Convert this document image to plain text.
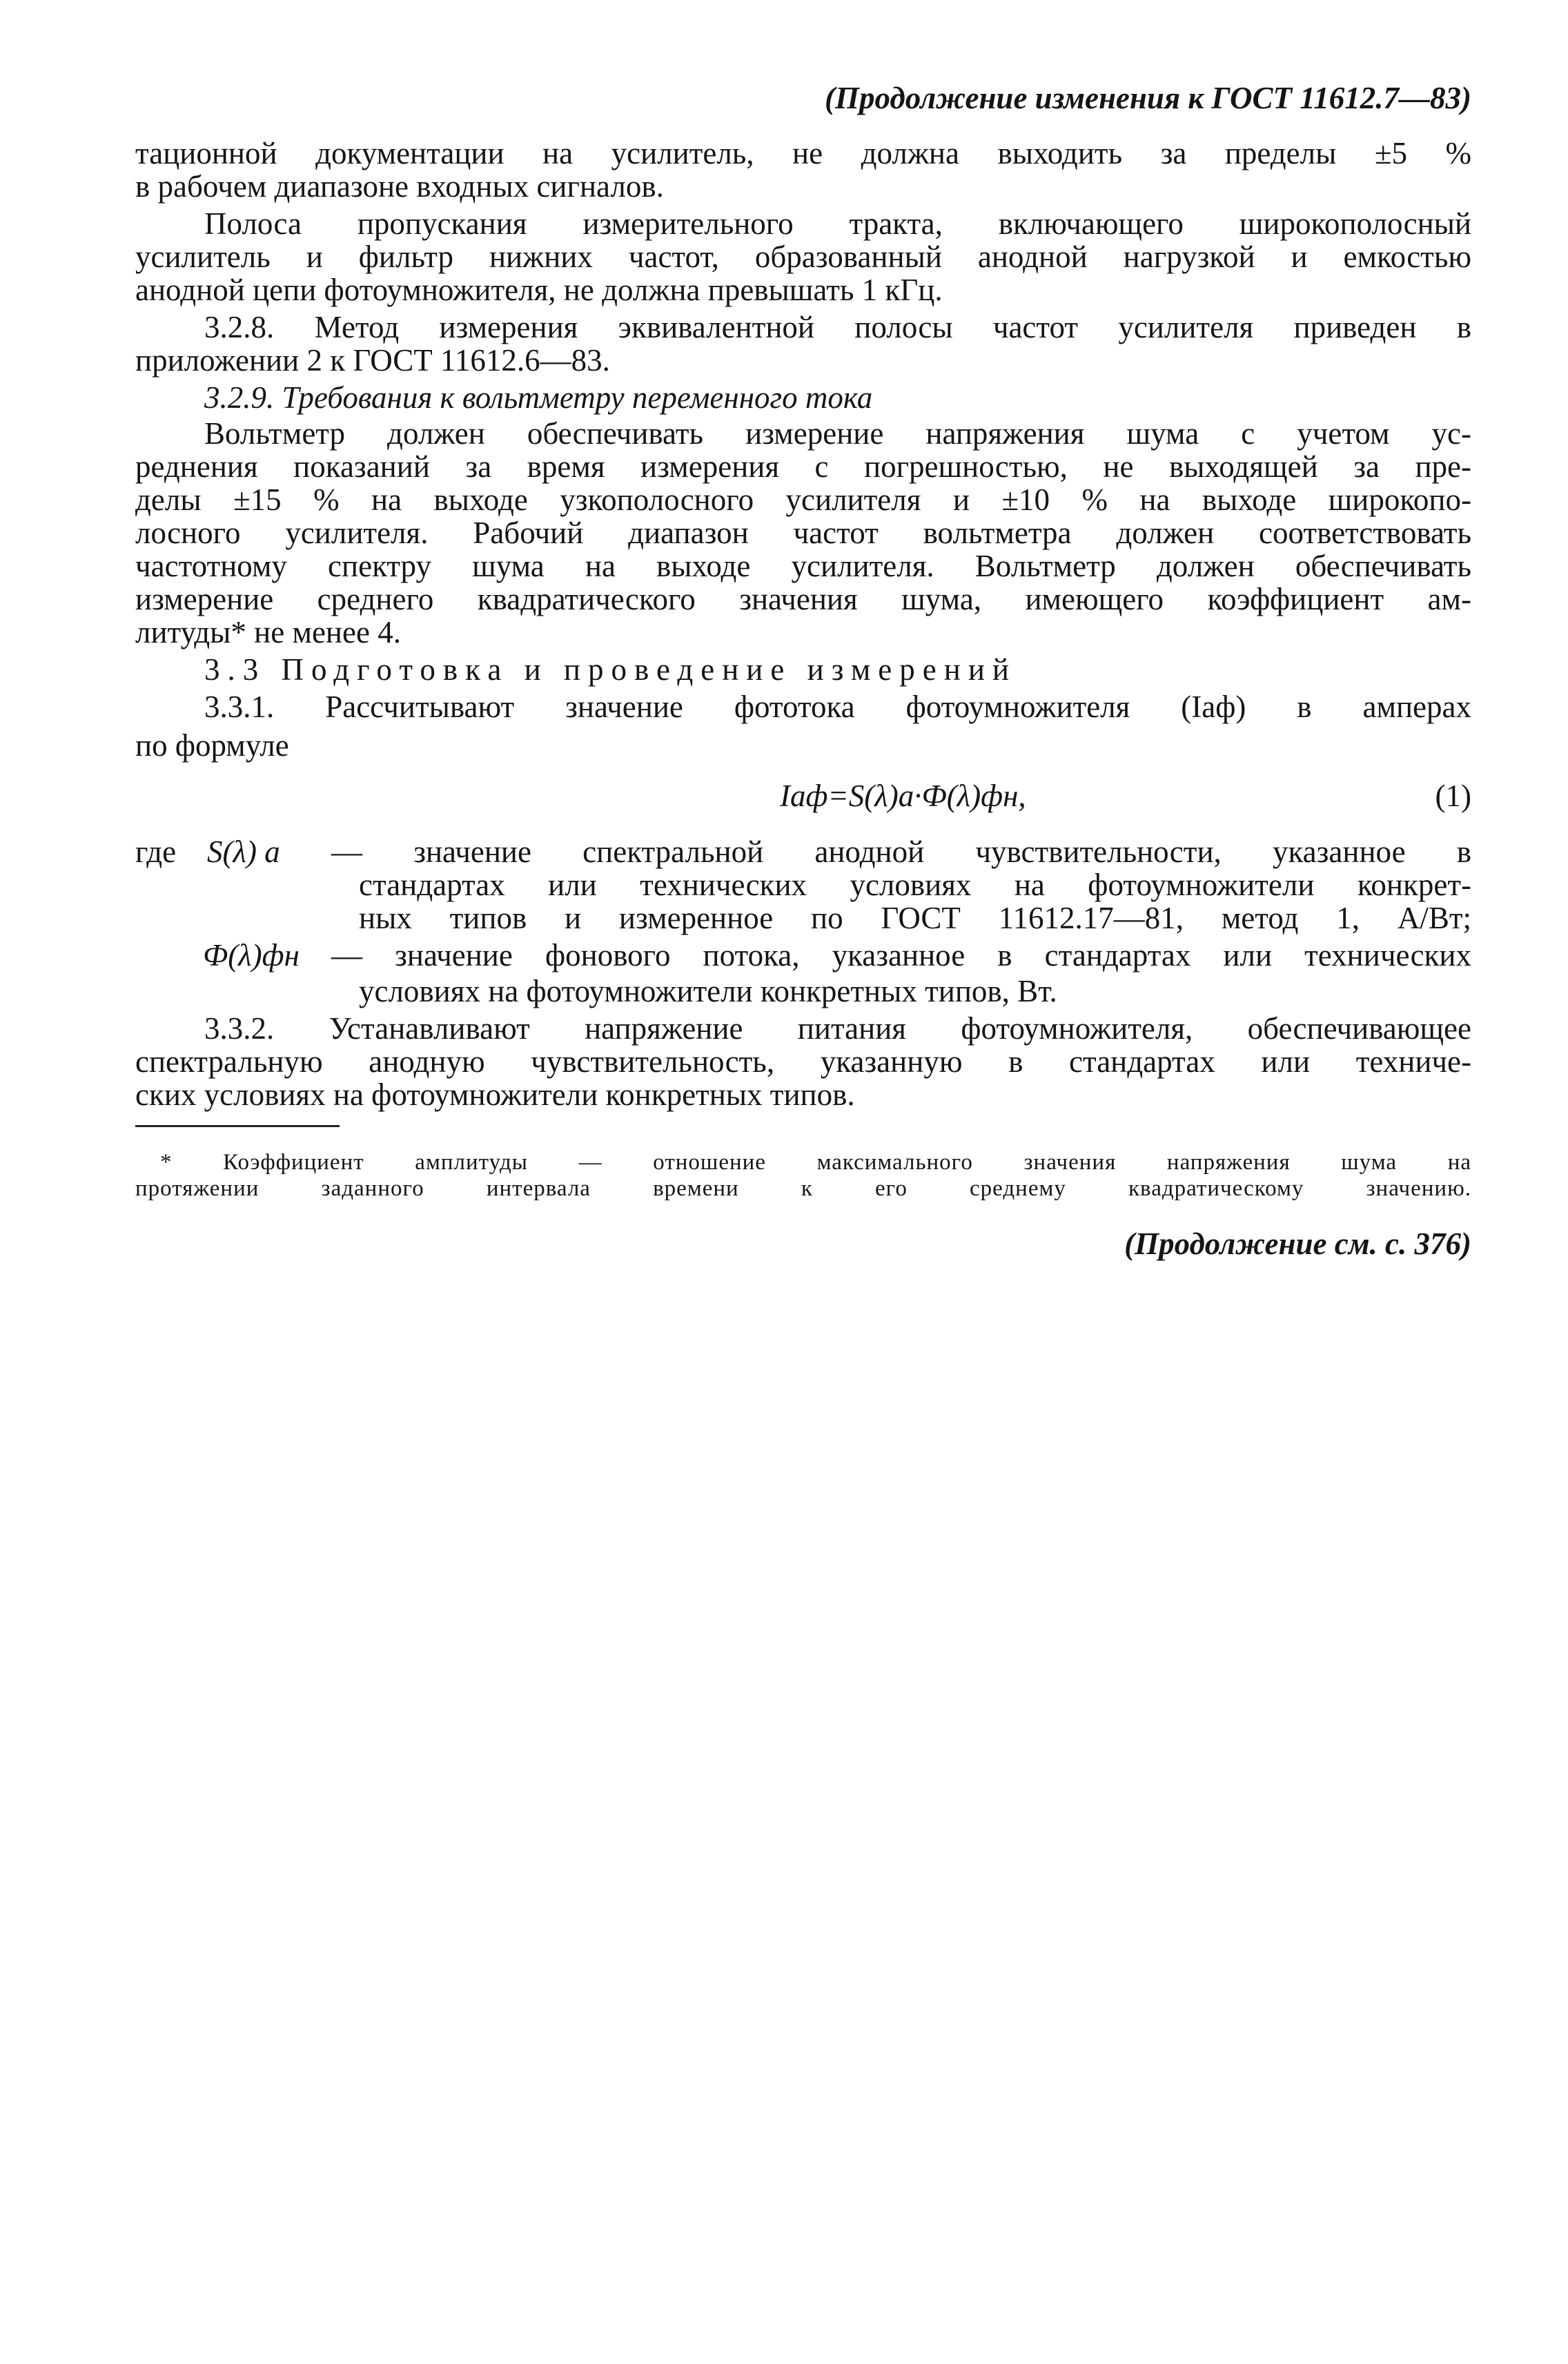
(Продолжение изменения к ГОСТ 11612.7—83)
тационной документации на усилитель, не должна выходить за пределы ±5 %
в рабочем диапазоне входных сигналов.
Полоса пропускания измерительного тракта, включающего широкополосный
усилитель и фильтр нижних частот, образованный анодной нагрузкой и емкостью
анодной цепи фотоумножителя, не должна превышать 1 кГц.
3.2.8. Метод измерения эквивалентной полосы частот усилителя приведен в
приложении 2 к ГОСТ 11612.6—83.
3.2.9. Требования к вольтметру переменного тока
Вольтметр должен обеспечивать измерение напряжения шума с учетом ус-
реднения показаний за время измерения с погрешностью, не выходящей за пре-
делы ±15 % на выходе узкополосного усилителя и ±10 % на выходе широкопо-
лосного усилителя. Рабочий диапазон частот вольтметра должен соответствовать
частотному спектру шума на выходе усилителя. Вольтметр должен обеспечивать
измерение среднего квадратического значения шума, имеющего коэффициент ам-
литуды* не менее 4.
3.3 Подготовка и проведение измерений
3.3.1. Рассчитывают значение фототока фотоумножителя (Iаф) в амперах
по формуле
Iаф=S(λ)а·Ф(λ)фн,	(1)
где S(λ) а — значение спектральной анодной чувствительности, указанное в
стандартах или технических условиях на фотоумножители конкрет-
ных типов и измеренное по ГОСТ 11612.17—81, метод 1, А/Вт;
Ф(λ)фн — значение фонового потока, указанное в стандартах или технических
условиях на фотоумножители конкретных типов, Вт.
3.3.2. Устанавливают напряжение питания фотоумножителя, обеспечивающее
спектральную анодную чувствительность, указанную в стандартах или техниче-
ских условиях на фотоумножители конкретных типов.
* Коэффициент амплитуды — отношение максимального значения напряжения шума на
протяжении заданного интервала времени к его среднему квадратическому значению.
(Продолжение см. с. 376)
